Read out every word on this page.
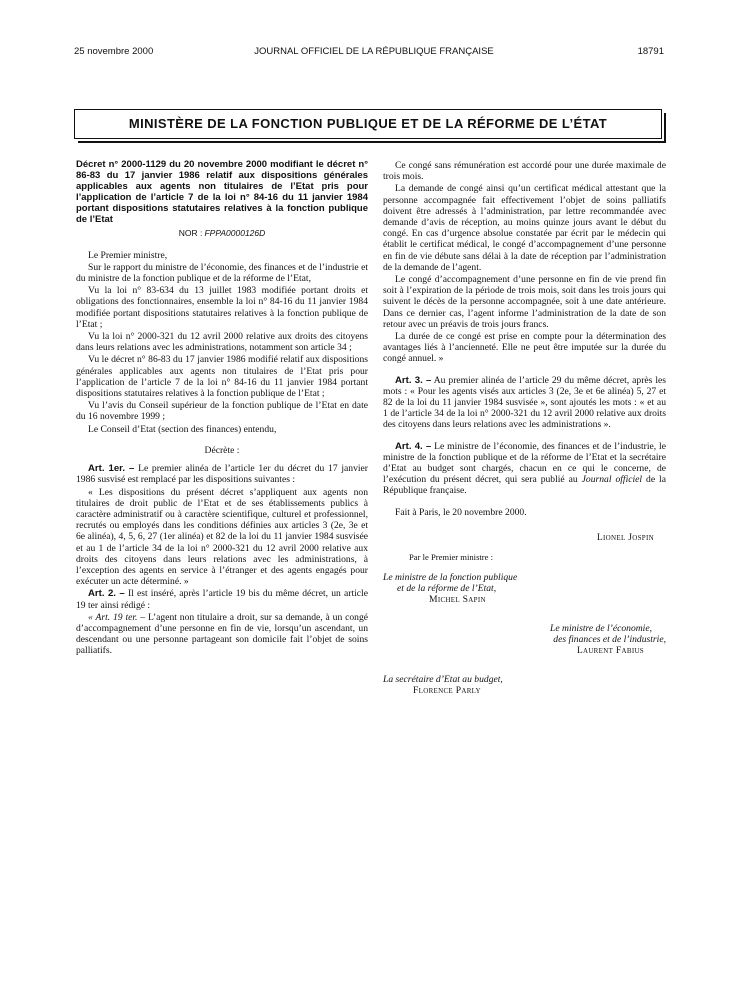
25 novembre 2000	JOURNAL OFFICIEL DE LA RÉPUBLIQUE FRANÇAISE	18791
MINISTÈRE DE LA FONCTION PUBLIQUE ET DE LA RÉFORME DE L’ÉTAT
Décret n° 2000-1129 du 20 novembre 2000 modifiant le décret n° 86-83 du 17 janvier 1986 relatif aux dispositions générales applicables aux agents non titulaires de l’Etat pris pour l’application de l’article 7 de la loi n° 84-16 du 11 janvier 1984 portant dispositions statutaires relatives à la fonction publique de l’Etat
NOR : FPPA0000126D

Le Premier ministre,

Sur le rapport du ministre de l’économie, des finances et de l’industrie et du ministre de la fonction publique et de la réforme de l’Etat,

Vu la loi n° 83-634 du 13 juillet 1983 modifiée portant droits et obligations des fonctionnaires, ensemble la loi n° 84-16 du 11 janvier 1984 modifiée portant dispositions statutaires relatives à la fonction publique de l’Etat ;

Vu la loi n° 2000-321 du 12 avril 2000 relative aux droits des citoyens dans leurs relations avec les administrations, notamment son article 34 ;

Vu le décret n° 86-83 du 17 janvier 1986 modifié relatif aux dispositions générales applicables aux agents non titulaires de l’Etat pris pour l’application de l’article 7 de la loi n° 84-16 du 11 janvier 1984 portant dispositions statutaires relatives à la fonction publique de l’Etat ;

Vu l’avis du Conseil supérieur de la fonction publique de l’Etat en date du 16 novembre 1999 ;

Le Conseil d’Etat (section des finances) entendu,

Décrète :

Art. 1er. – Le premier alinéa de l’article 1er du décret du 17 janvier 1986 susvisé est remplacé par les dispositions suivantes :

« Les dispositions du présent décret s’appliquent aux agents non titulaires de droit public de l’Etat et de ses établissements publics à caractère administratif ou à caractère scientifique, culturel et professionnel, recrutés ou employés dans les conditions définies aux articles 3 (2e, 3e et 6e alinéa), 4, 5, 6, 27 (1er alinéa) et 82 de la loi du 11 janvier 1984 susvisée et au 1 de l’article 34 de la loi n° 2000-321 du 12 avril 2000 relative aux droits des citoyens dans leurs relations avec les administrations, à l’exception des agents en service à l’étranger et des agents engagés pour exécuter un acte déterminé. »

Art. 2. – Il est inséré, après l’article 19 bis du même décret, un article 19 ter ainsi rédigé :

« Art. 19 ter. – L’agent non titulaire a droit, sur sa demande, à un congé d’accompagnement d’une personne en fin de vie, lorsqu’un ascendant, un descendant ou une personne partageant son domicile fait l’objet de soins palliatifs.

Ce congé sans rémunération est accordé pour une durée maximale de trois mois.

La demande de congé ainsi qu’un certificat médical attestant que la personne accompagnée fait effectivement l’objet de soins palliatifs doivent être adressés à l’administration, par lettre recommandée avec demande d’avis de réception, au moins quinze jours avant le début du congé. En cas d’urgence absolue constatée par écrit par le médecin qui établit le certificat médical, le congé d’accompagnement d’une personne en fin de vie débute sans délai à la date de réception par l’administration de la demande de l’agent.

Le congé d’accompagnement d’une personne en fin de vie prend fin soit à l’expiration de la période de trois mois, soit dans les trois jours qui suivent le décès de la personne accompagnée, soit à une date antérieure. Dans ce dernier cas, l’agent informe l’administration de la date de son retour avec un préavis de trois jours francs.

La durée de ce congé est prise en compte pour la détermination des avantages liés à l’ancienneté. Elle ne peut être imputée sur la durée du congé annuel. »

Art. 3. – Au premier alinéa de l’article 29 du même décret, après les mots : « Pour les agents visés aux articles 3 (2e, 3e et 6e alinéa) 5, 27 et 82 de la loi du 11 janvier 1984 susvisée », sont ajoutés les mots : « et au 1 de l’article 34 de la loi n° 2000-321 du 12 avril 2000 relative aux droits des citoyens dans leurs relations avec les administrations ».

Art. 4. – Le ministre de l’économie, des finances et de l’industrie, le ministre de la fonction publique et de la réforme de l’Etat et la secrétaire d’Etat au budget sont chargés, chacun en ce qui le concerne, de l’exécution du présent décret, qui sera publié au Journal officiel de la République française.

Fait à Paris, le 20 novembre 2000.

Lionel Jospin

Par le Premier ministre :

Le ministre de la fonction publique

et de la réforme de l’Etat,

Michel Sapin

Le ministre de l’économie,

des finances et de l’industrie,

Laurent Fabius

La secrétaire d’Etat au budget,

Florence Parly
